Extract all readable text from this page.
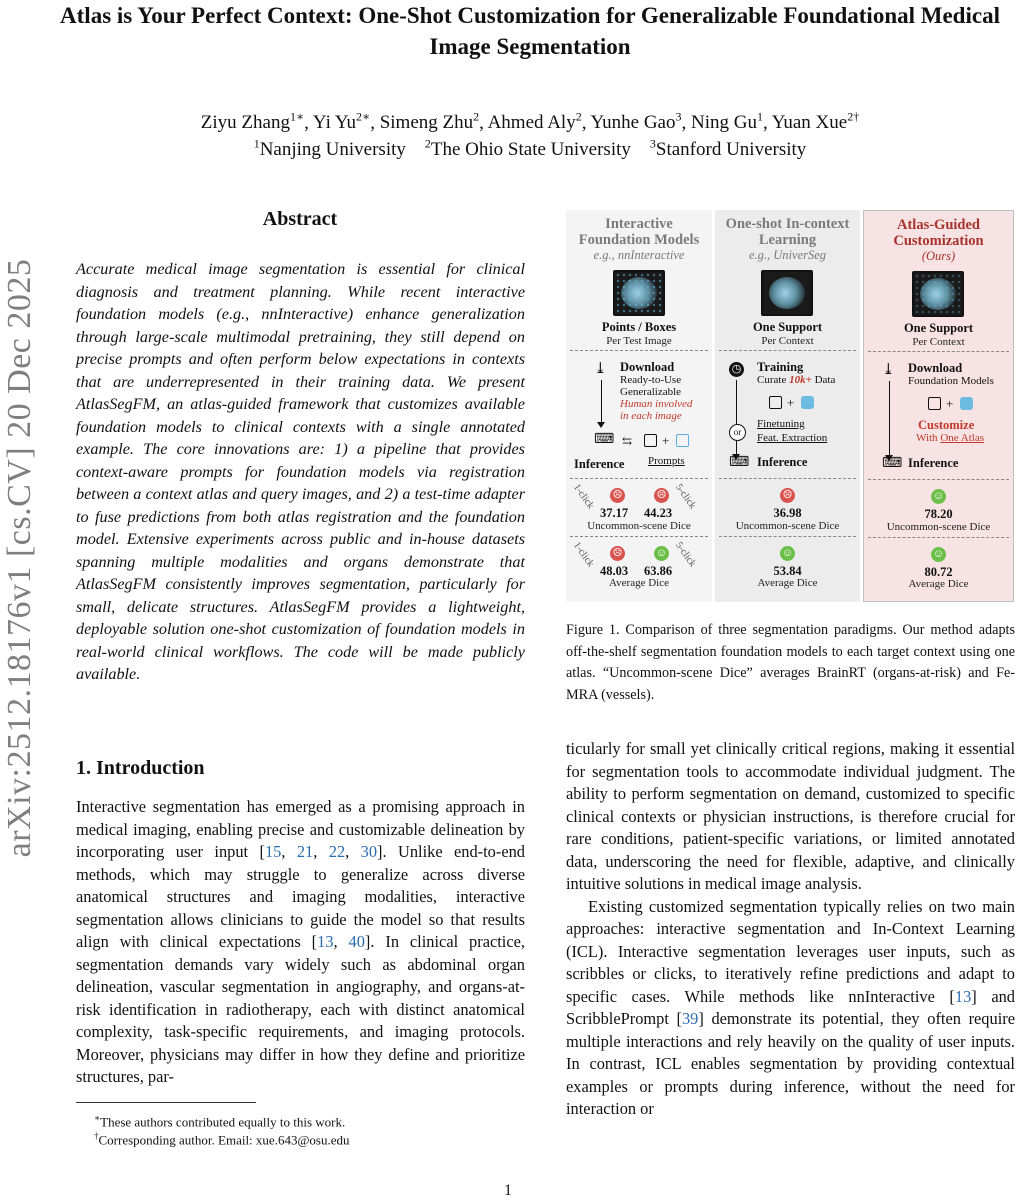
Atlas is Your Perfect Context: One-Shot Customization for Generalizable Foundational Medical Image Segmentation
Ziyu Zhang$^{1∗}$, Yi $Yu^{2∗}$, Simeng Zhu$^2$, Ahmed Aly$^2$, Yunhe Gao$^3$, Ning Gu$^1$, Yuan Xue$^{2\dagger}$
$^1$Nanjing University $^2$The Ohio State University $^3$Stanford University
arXiv:2512.18176v1 [cs.CV] 20 Dec 2025
Abstract

Accurate medical image segmentation is essential for clinical diagnosis and treatment planning. While recent interactive foundation models (e.g., nnInteractive) enhance generalization through large-scale multimodal pretraining, they still depend on precise prompts and often perform below expectations in contexts that are underrepresented in their training data. We present AtlasSegFM, an atlas-guided framework that customizes available foundation models to clinical contexts with a single annotated example. The core innovations are: 1) a pipeline that provides context-aware prompts for foundation models via registration between a context atlas and query images, and 2) a test-time adapter to fuse predictions from both atlas registration and the foundation model. Extensive experiments across public and in-house datasets spanning multiple modalities and organs demonstrate that AtlasSegFM consistently improves segmentation, particularly for small, delicate structures. AtlasSegFM provides a lightweight, deployable solution one-shot customization of foundation models in real-world clinical workflows. The code will be made publicly available.

1. Introduction

Interactive segmentation has emerged as a promising approach in medical imaging, enabling precise and customizable delineation by incorporating user input [15, 21, 22, 30]. Unlike end-to-end methods, which may struggle to generalize across diverse anatomical structures and imaging modalities, interactive segmentation allows clinicians to guide the model so that results align with clinical expectations [13, 40]. In clinical practice, segmentation demands vary widely such as abdominal organ delineation, vascular segmentation in angiography, and organs-at-risk identification in radiotherapy, each with distinct anatomical complexity, task-specific requirements, and imaging protocols. Moreover, physicians may differ in how they define and prioritize structures, par-

ticularly for small yet clinically critical regions, making it essential for segmentation tools to accommodate individual judgment. The ability to perform segmentation on demand, customized to specific clinical contexts or physician instructions, is therefore crucial for rare conditions, patient-specific variations, or limited annotated data, underscoring the need for flexible, adaptive, and clinically intuitive solutions in medical image analysis.

Existing customized segmentation typically relies on two main approaches: interactive segmentation and In-Context Learning (ICL). Interactive segmentation leverages user inputs, such as scribbles or clicks, to iteratively refine predictions and adapt to specific cases. While methods like nnInteractive [13] and ScribblePrompt [39] demonstrate its potential, they often require multiple interactions and rely heavily on the quality of user inputs. In contrast, ICL enables segmentation by providing contextual examples or prompts during inference, without the need for interaction or

∗These authors contributed equally to this work.
†Corresponding author. Email: xue.643@osu.edu
1
Interactive
Foundation Models
e.g., nnInteractive
Points / Boxes
Per Test Image
⤓ Download
Ready-to-Use
Generalizable
Human involved
in each image
⌨ ⇆ +
Inference Prompts
1-click	5-click
☹	☹
37.17 44.23
Uncommon-scene Dice
1-click	5-click
☹	☺
48.03 63.86
Average Dice
One-shot In-context
Learning
e.g., UniverSeg
One Support
Per Context
◷ Training
Curate 10k+ Data
+
or
Finetuning
Feat. Extraction
⌨ Inference
☹
36.98
Uncommon-scene Dice
☺
53.84
Average Dice
Atlas-Guided
Customization
(Ours)
One Support
Per Context
⤓ Download
Foundation Models
+
Customize
With One Atlas
⌨ Inference
☺
78.20
Uncommon-scene Dice
☺
80.72
Average Dice
Figure 1. Comparison of three segmentation paradigms. Our method adapts off-the-shelf segmentation foundation models to each target context using one atlas. “Uncommon-scene Dice” averages BrainRT (organs-at-risk) and Fe-MRA (vessels).
